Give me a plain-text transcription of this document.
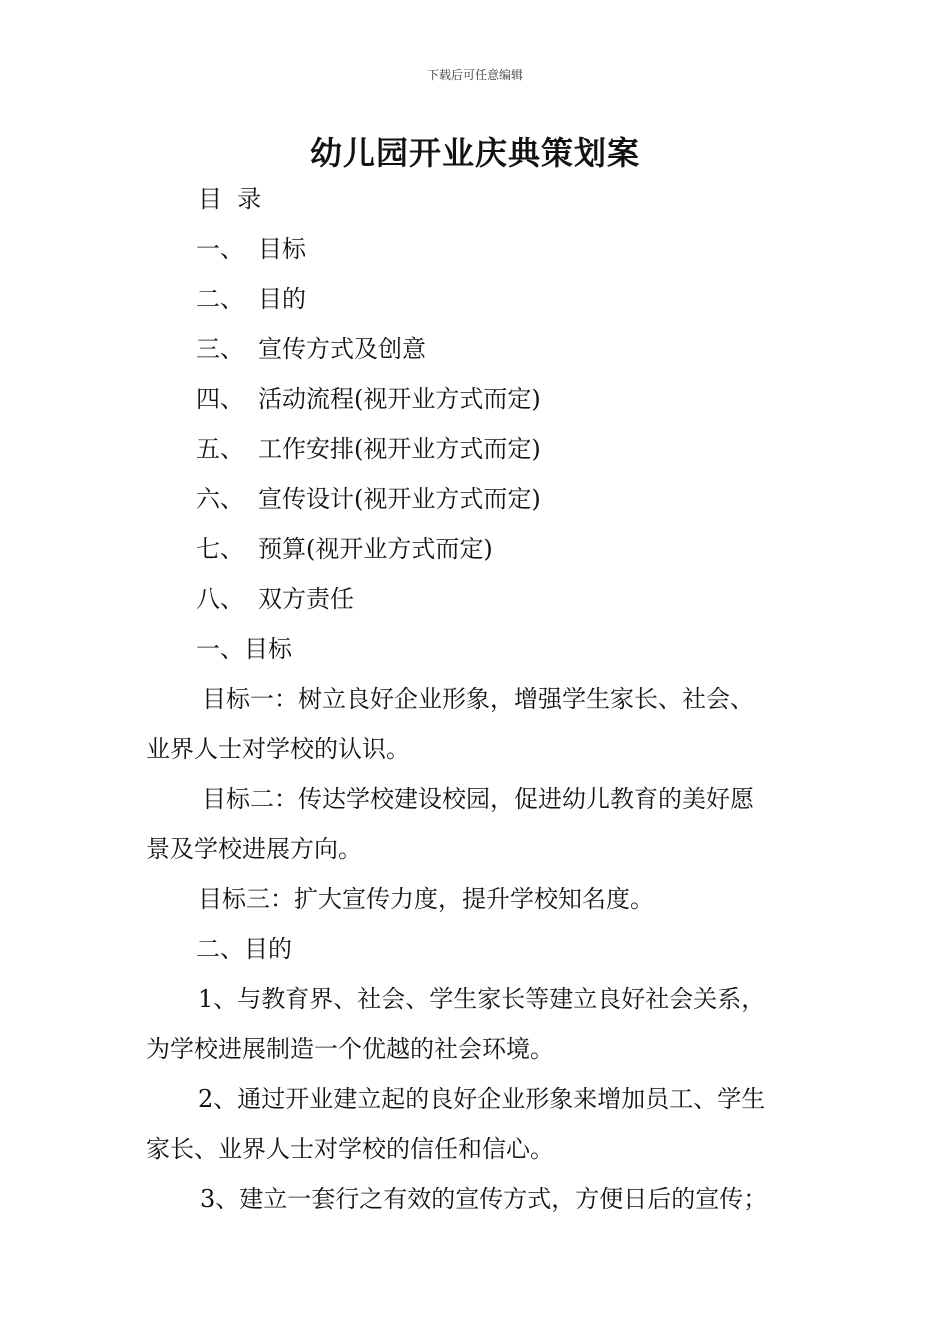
下载后可任意编辑
幼儿园开业庆典策划案
目  录
一、 目标
二、 目的
三、 宣传方式及创意
四、 活动流程(视开业方式而定)
五、 工作安排(视开业方式而定)
六、 宣传设计(视开业方式而定)
七、 预算(视开业方式而定)
八、 双方责任
一、目标
目标一：树立良好企业形象，增强学生家长、社会、
业界人士对学校的认识。
目标二：传达学校建设校园，促进幼儿教育的美好愿
景及学校进展方向。
目标三：扩大宣传力度，提升学校知名度。
二、目的
1、与教育界、社会、学生家长等建立良好社会关系，
为学校进展制造一个优越的社会环境。
2、通过开业建立起的良好企业形象来增加员工、学生
家长、业界人士对学校的信任和信心。
3、建立一套行之有效的宣传方式，方便日后的宣传；
